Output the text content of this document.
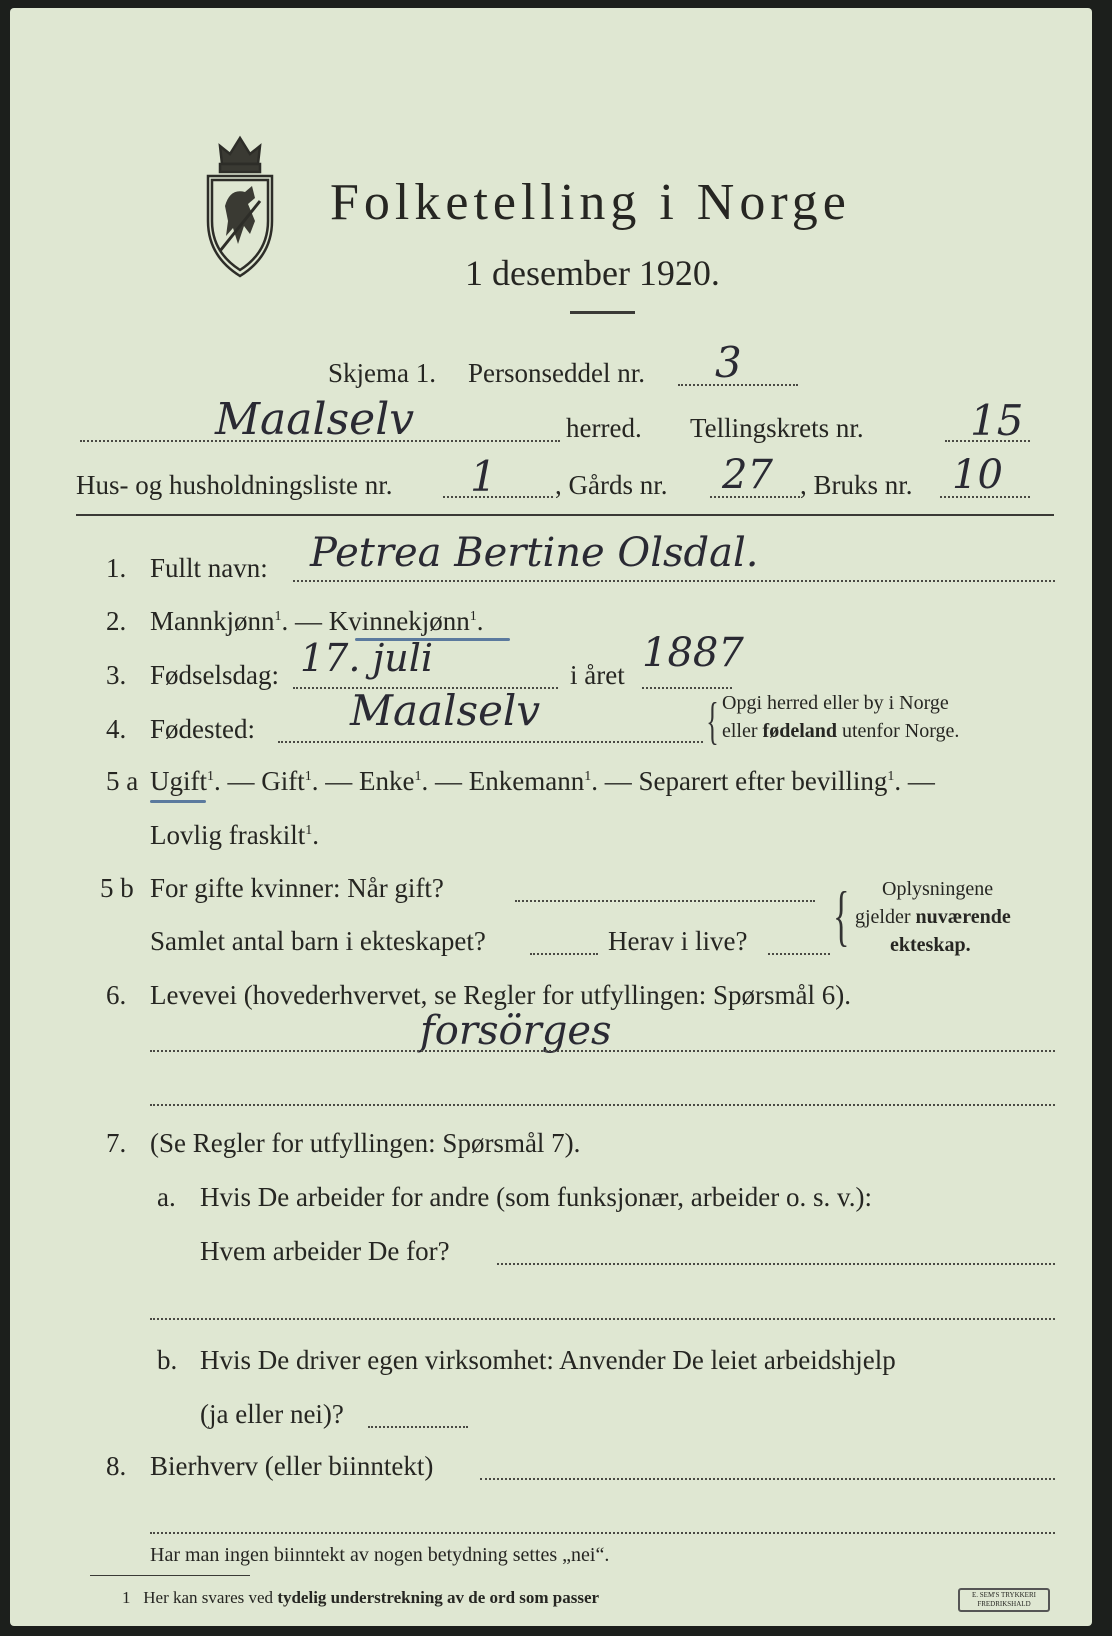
Folketelling i Norge
1 desember 1920.
Skjema 1. Personseddel nr. 3
Maalselv	herred. Tellingskrets nr.	15
Hus- og husholdningsliste nr. 1 , Gårds nr. 27 , Bruks nr. 10
1. Fullt navn: Petrea Bertine Olsdal.
2. Mannkjønn$^1$. — Kvinnekjønn$^1$.
3. Fødselsdag: 17. juli	i året 1887
4. Fødested: Maalselv	{ Opgi herred eller by i Norge
eller fødeland utenfor Norge.
5 a Ugift$^1$. — Gift$^1$. — Enke$^1$. — Enkemann$^1$. — Separert efter bevilling$^1$. —
Lovlig fraskilt$^1$.
5 b For gifte kvinner: Når gift?
Samlet antal barn i ekteskapet?	Herav i live? { Oplysningene
gjelder nuværende
ekteskap.
6. Levevei (hovederhvervet, se Regler for utfyllingen: Spørsmål 6).
forsörges
7. (Se Regler for utfyllingen: Spørsmål 7).
a. Hvis De arbeider for andre (som funksjonær, arbeider o. s. v.):
Hvem arbeider De for?
b. Hvis De driver egen virksomhet: Anvender De leiet arbeidshjelp
(ja eller nei)?
8. Bierhverv (eller biinntekt)
Har man ingen biinntekt av nogen betydning settes „nei“.
1 Her kan svares ved tydelig understrekning av de ord som passer	E. SEM'S TRYKKERI FREDRIKSHALD
